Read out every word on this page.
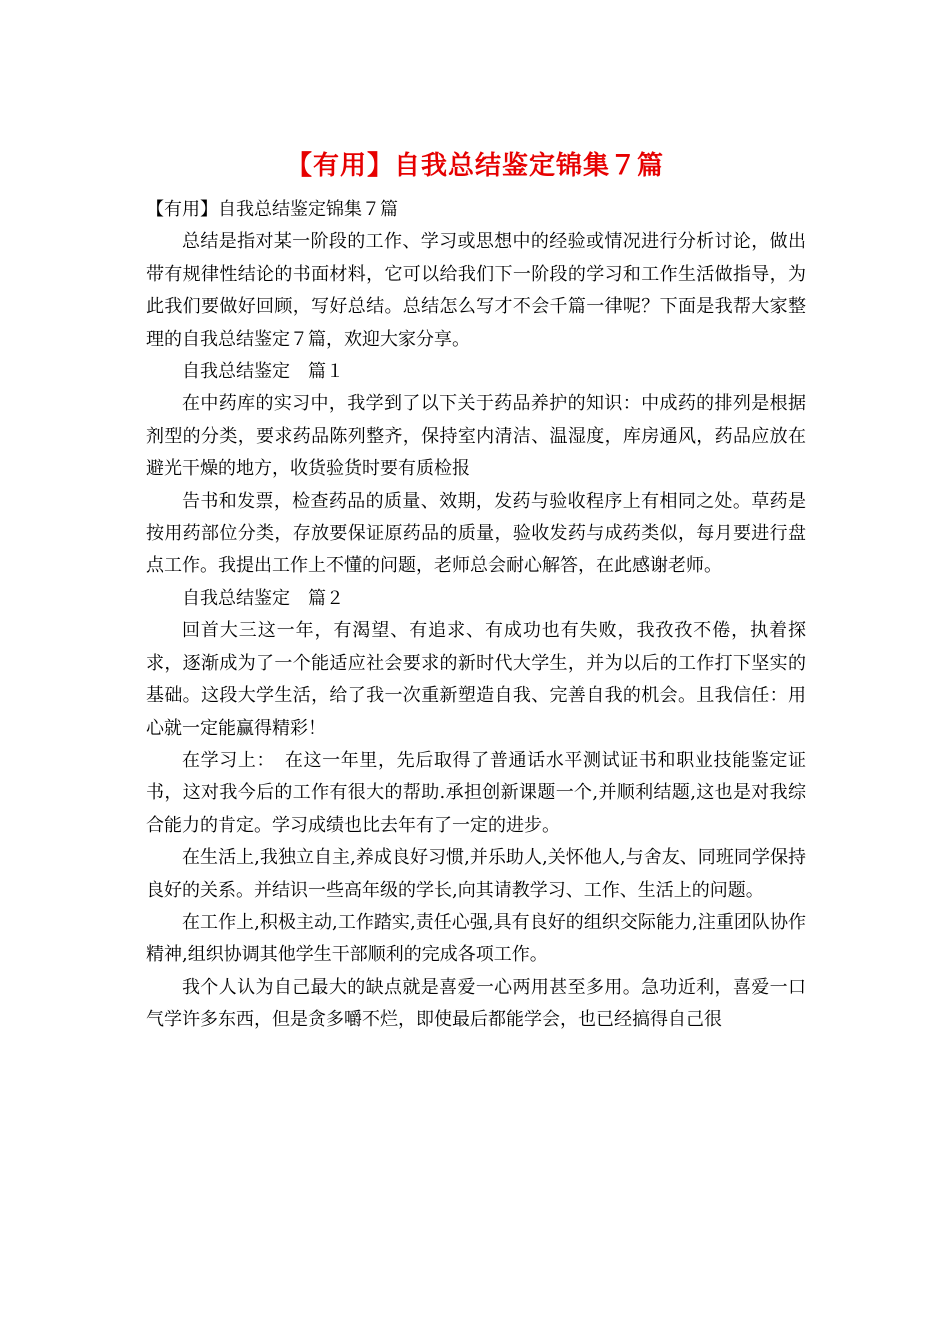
【有用】自我总结鉴定锦集７篇

【有用】自我总结鉴定锦集７篇

总结是指对某一阶段的工作、学习或思想中的经验或情况进行分析讨论，做出带有规律性结论的书面材料，它可以给我们下一阶段的学习和工作生活做指导，为此我们要做好回顾，写好总结。总结怎么写才不会千篇一律呢？下面是我帮大家整理的自我总结鉴定７篇，欢迎大家分享。

自我总结鉴定　篇１

在中药库的实习中，我学到了以下关于药品养护的知识：中成药的排列是根据剂型的分类，要求药品陈列整齐，保持室内清洁、温湿度，库房通风，药品应放在避光干燥的地方，收货验货时要有质检报

告书和发票，检查药品的质量、效期，发药与验收程序上有相同之处。草药是按用药部位分类，存放要保证原药品的质量，验收发药与成药类似，每月要进行盘点工作。我提出工作上不懂的问题，老师总会耐心解答，在此感谢老师。

自我总结鉴定　篇２

回首大三这一年，有渴望、有追求、有成功也有失败，我孜孜不倦，执着探求，逐渐成为了一个能适应社会要求的新时代大学生，并为以后的工作打下坚实的基础。这段大学生活，给了我一次重新塑造自我、完善自我的机会。且我信任：用心就一定能赢得精彩！

在学习上：　在这一年里，先后取得了普通话水平测试证书和职业技能鉴定证书，这对我今后的工作有很大的帮助.承担创新课题一个,并顺利结题,这也是对我综合能力的肯定。学习成绩也比去年有了一定的进步。

在生活上,我独立自主,养成良好习惯,并乐助人,关怀他人,与舍友、同班同学保持良好的关系。并结识一些高年级的学长,向其请教学习、工作、生活上的问题。

在工作上,积极主动,工作踏实,责任心强,具有良好的组织交际能力,注重团队协作精神,组织协调其他学生干部顺利的完成各项工作。

我个人认为自己最大的缺点就是喜爱一心两用甚至多用。急功近利，喜爱一口气学许多东西，但是贪多嚼不烂，即使最后都能学会，也已经搞得自己很
